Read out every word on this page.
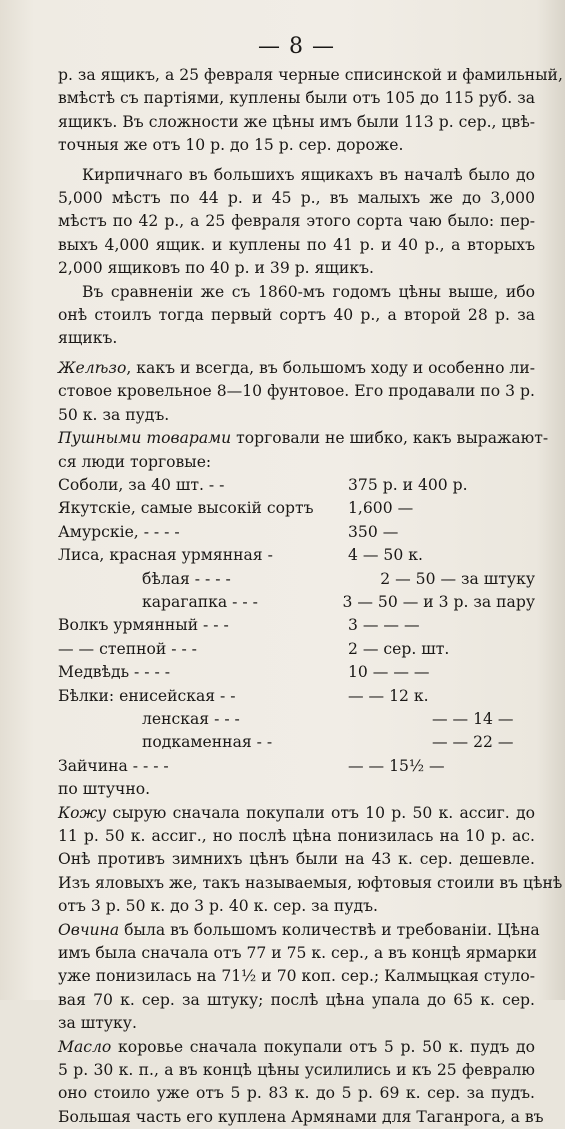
— 8 —
р. за ящикъ, а 25 февраля черные спиcинской и фамильный,
вмѣстѣ съ партіями, куплены были отъ 105 до 115 руб. за
ящикъ. Въ сложности же цѣны имъ были 113 р. сер., цвѣ-
точныя же отъ 10 р. до 15 р. сер. дороже.
Кирпичнаго въ большихъ ящикахъ въ началѣ было до
5,000 мѣстъ по 44 р. и 45 р., въ малыхъ же до 3,000
мѣстъ по 42 р., а 25 февраля этого сорта чаю было: пер-
выхъ 4,000 ящик. и куплены по 41 р. и 40 р., а вторыхъ
2,000 ящиковъ по 40 р. и 39 р. ящикъ.
Въ сравненіи же съ 1860-мъ годомъ цѣны выше, ибо
онѣ стоилъ тогда первый сортъ 40 р., а второй 28 р. за
ящикъ.
Желѣзо, какъ и всегда, въ большомъ ходу и особенно ли-
стовое кровельное 8—10 фунтовое. Его продавали по 3 р.
50 к. за пудъ.
Пушными товарами торговали не шибко, какъ выражают-
ся люди торговые:
Соболи, за 40 шт. - -	375 р. и 400 р.
Якутскіе, самые высокій сортъ	1,600 —
Амурскіе, - - - -	350 —
Лиса, красная урмянная -	4 — 50 к.
бѣлая - - - -	2 — 50 — за штуку
карагапка - - -	3 — 50 — и 3 р. за пару
Волкъ урмянный - - -	3 — — —
— — степной - - -	2 — сер. шт.
Медвѣдь - - - -	10 — — —
Бѣлки: енисейская - -	— — 12 к.
ленская - - -	— — 14 —
подкаменная - -	— — 22 —
Зайчина - - - -	— — 15½ —
по штучно.
Кожу сырую сначала покупали отъ 10 р. 50 к. ассиг. до
11 р. 50 к. ассиг., но послѣ цѣна понизилась на 10 р. ас.
Онѣ противъ зимнихъ цѣнъ были на 43 к. сер. дешевле.
Изъ яловыхъ же, такъ называемыя, юфтовыя стоили въ цѣнѣ
отъ 3 р. 50 к. до 3 р. 40 к. сер. за пудъ.
Овчина была въ большомъ количествѣ и требованіи. Цѣна
имъ была сначала отъ 77 и 75 к. сер., а въ концѣ ярмарки
уже понизилась на 71½ и 70 коп. сер.; Калмыцкая стуло-
вая 70 к. сер. за штуку; послѣ цѣна упала до 65 к. сер.
за штуку.
Масло коровье сначала покупали отъ 5 р. 50 к. пудъ до
5 р. 30 к. п., а въ концѣ цѣны усилились и къ 25 февралю
оно стоило уже отъ 5 р. 83 к. до 5 р. 69 к. сер. за пудъ.
Большая часть его куплена Армянами для Таганрога, а въ
